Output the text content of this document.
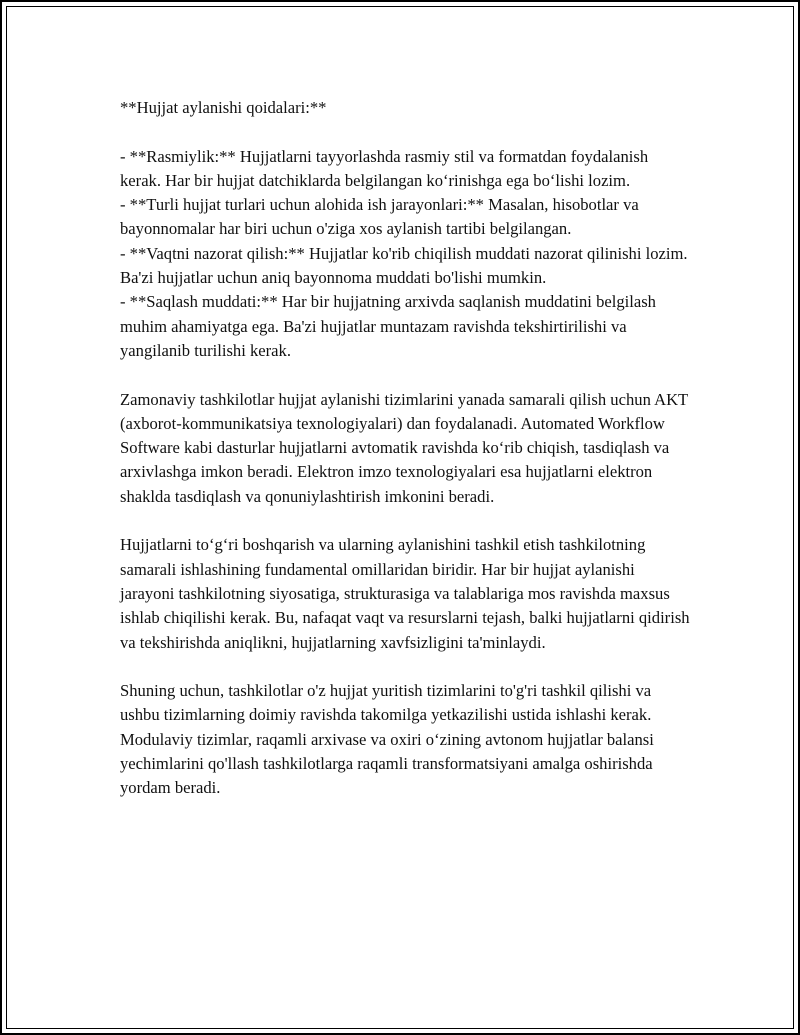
**Hujjat aylanishi qoidalari:**

- **Rasmiylik:** Hujjatlarni tayyorlashda rasmiy stil va formatdan foydalanish kerak. Har bir hujjat datchiklarda belgilangan ko‘rinishga ega bo‘lishi lozim.
- **Turli hujjat turlari uchun alohida ish jarayonlari:** Masalan, hisobotlar va bayonnomalar har biri uchun o'ziga xos aylanish tartibi belgilangan.
- **Vaqtni nazorat qilish:** Hujjatlar ko'rib chiqilish muddati nazorat qilinishi lozim. Ba'zi hujjatlar uchun aniq bayonnoma muddati bo'lishi mumkin.
- **Saqlash muddati:** Har bir hujjatning arxivda saqlanish muddatini belgilash muhim ahamiyatga ega. Ba'zi hujjatlar muntazam ravishda tekshirtirilishi va yangilanib turilishi kerak.

Zamonaviy tashkilotlar hujjat aylanishi tizimlarini yanada samarali qilish uchun AKT (axborot-kommunikatsiya texnologiyalari) dan foydalanadi. Automated Workflow Software kabi dasturlar hujjatlarni avtomatik ravishda ko‘rib chiqish, tasdiqlash va arxivlashga imkon beradi. Elektron imzo texnologiyalari esa hujjatlarni elektron shaklda tasdiqlash va qonuniylashtirish imkonini beradi.

Hujjatlarni to‘g‘ri boshqarish va ularning aylanishini tashkil etish tashkilotning samarali ishlashining fundamental omillaridan biridir. Har bir hujjat aylanishi jarayoni tashkilotning siyosatiga, strukturasiga va talablariga mos ravishda maxsus ishlab chiqilishi kerak. Bu, nafaqat vaqt va resurslarni tejash, balki hujjatlarni qidirish va tekshirishda aniqlikni, hujjatlarning xavfsizligini ta'minlaydi.

Shuning uchun, tashkilotlar o'z hujjat yuritish tizimlarini to'g'ri tashkil qilishi va ushbu tizimlarning doimiy ravishda takomilga yetkazilishi ustida ishlashi kerak. Modulaviy tizimlar, raqamli arxivase va oxiri o‘zining avtonom hujjatlar balansi yechimlarini qo'llash tashkilotlarga raqamli transformatsiyani amalga oshirishda yordam beradi.
